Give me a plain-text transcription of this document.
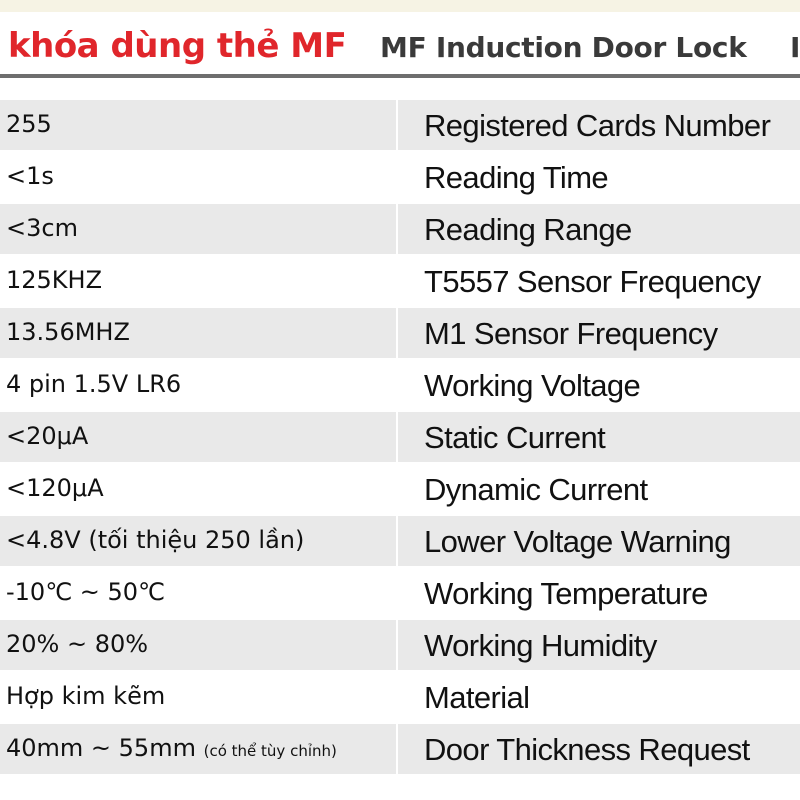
khóa dùng thẻ MF MF Induction Door Lock I
255	Registered Cards Number
<1s	Reading Time
<3cm	Reading Range
125KHZ	T5557 Sensor Frequency
13.56MHZ	M1 Sensor Frequency
4 pin 1.5V LR6	Working Voltage
<20μA	Static Current
<120μA	Dynamic Current
<4.8V (tối thiệu 250 lần)	Lower Voltage Warning
-10℃ ~ 50℃	Working Temperature
20% ~ 80%	Working Humidity
Hợp kim kẽm	Material
40mm ~ 55mm (có thể tùy chỉnh)	Door Thickness Request
